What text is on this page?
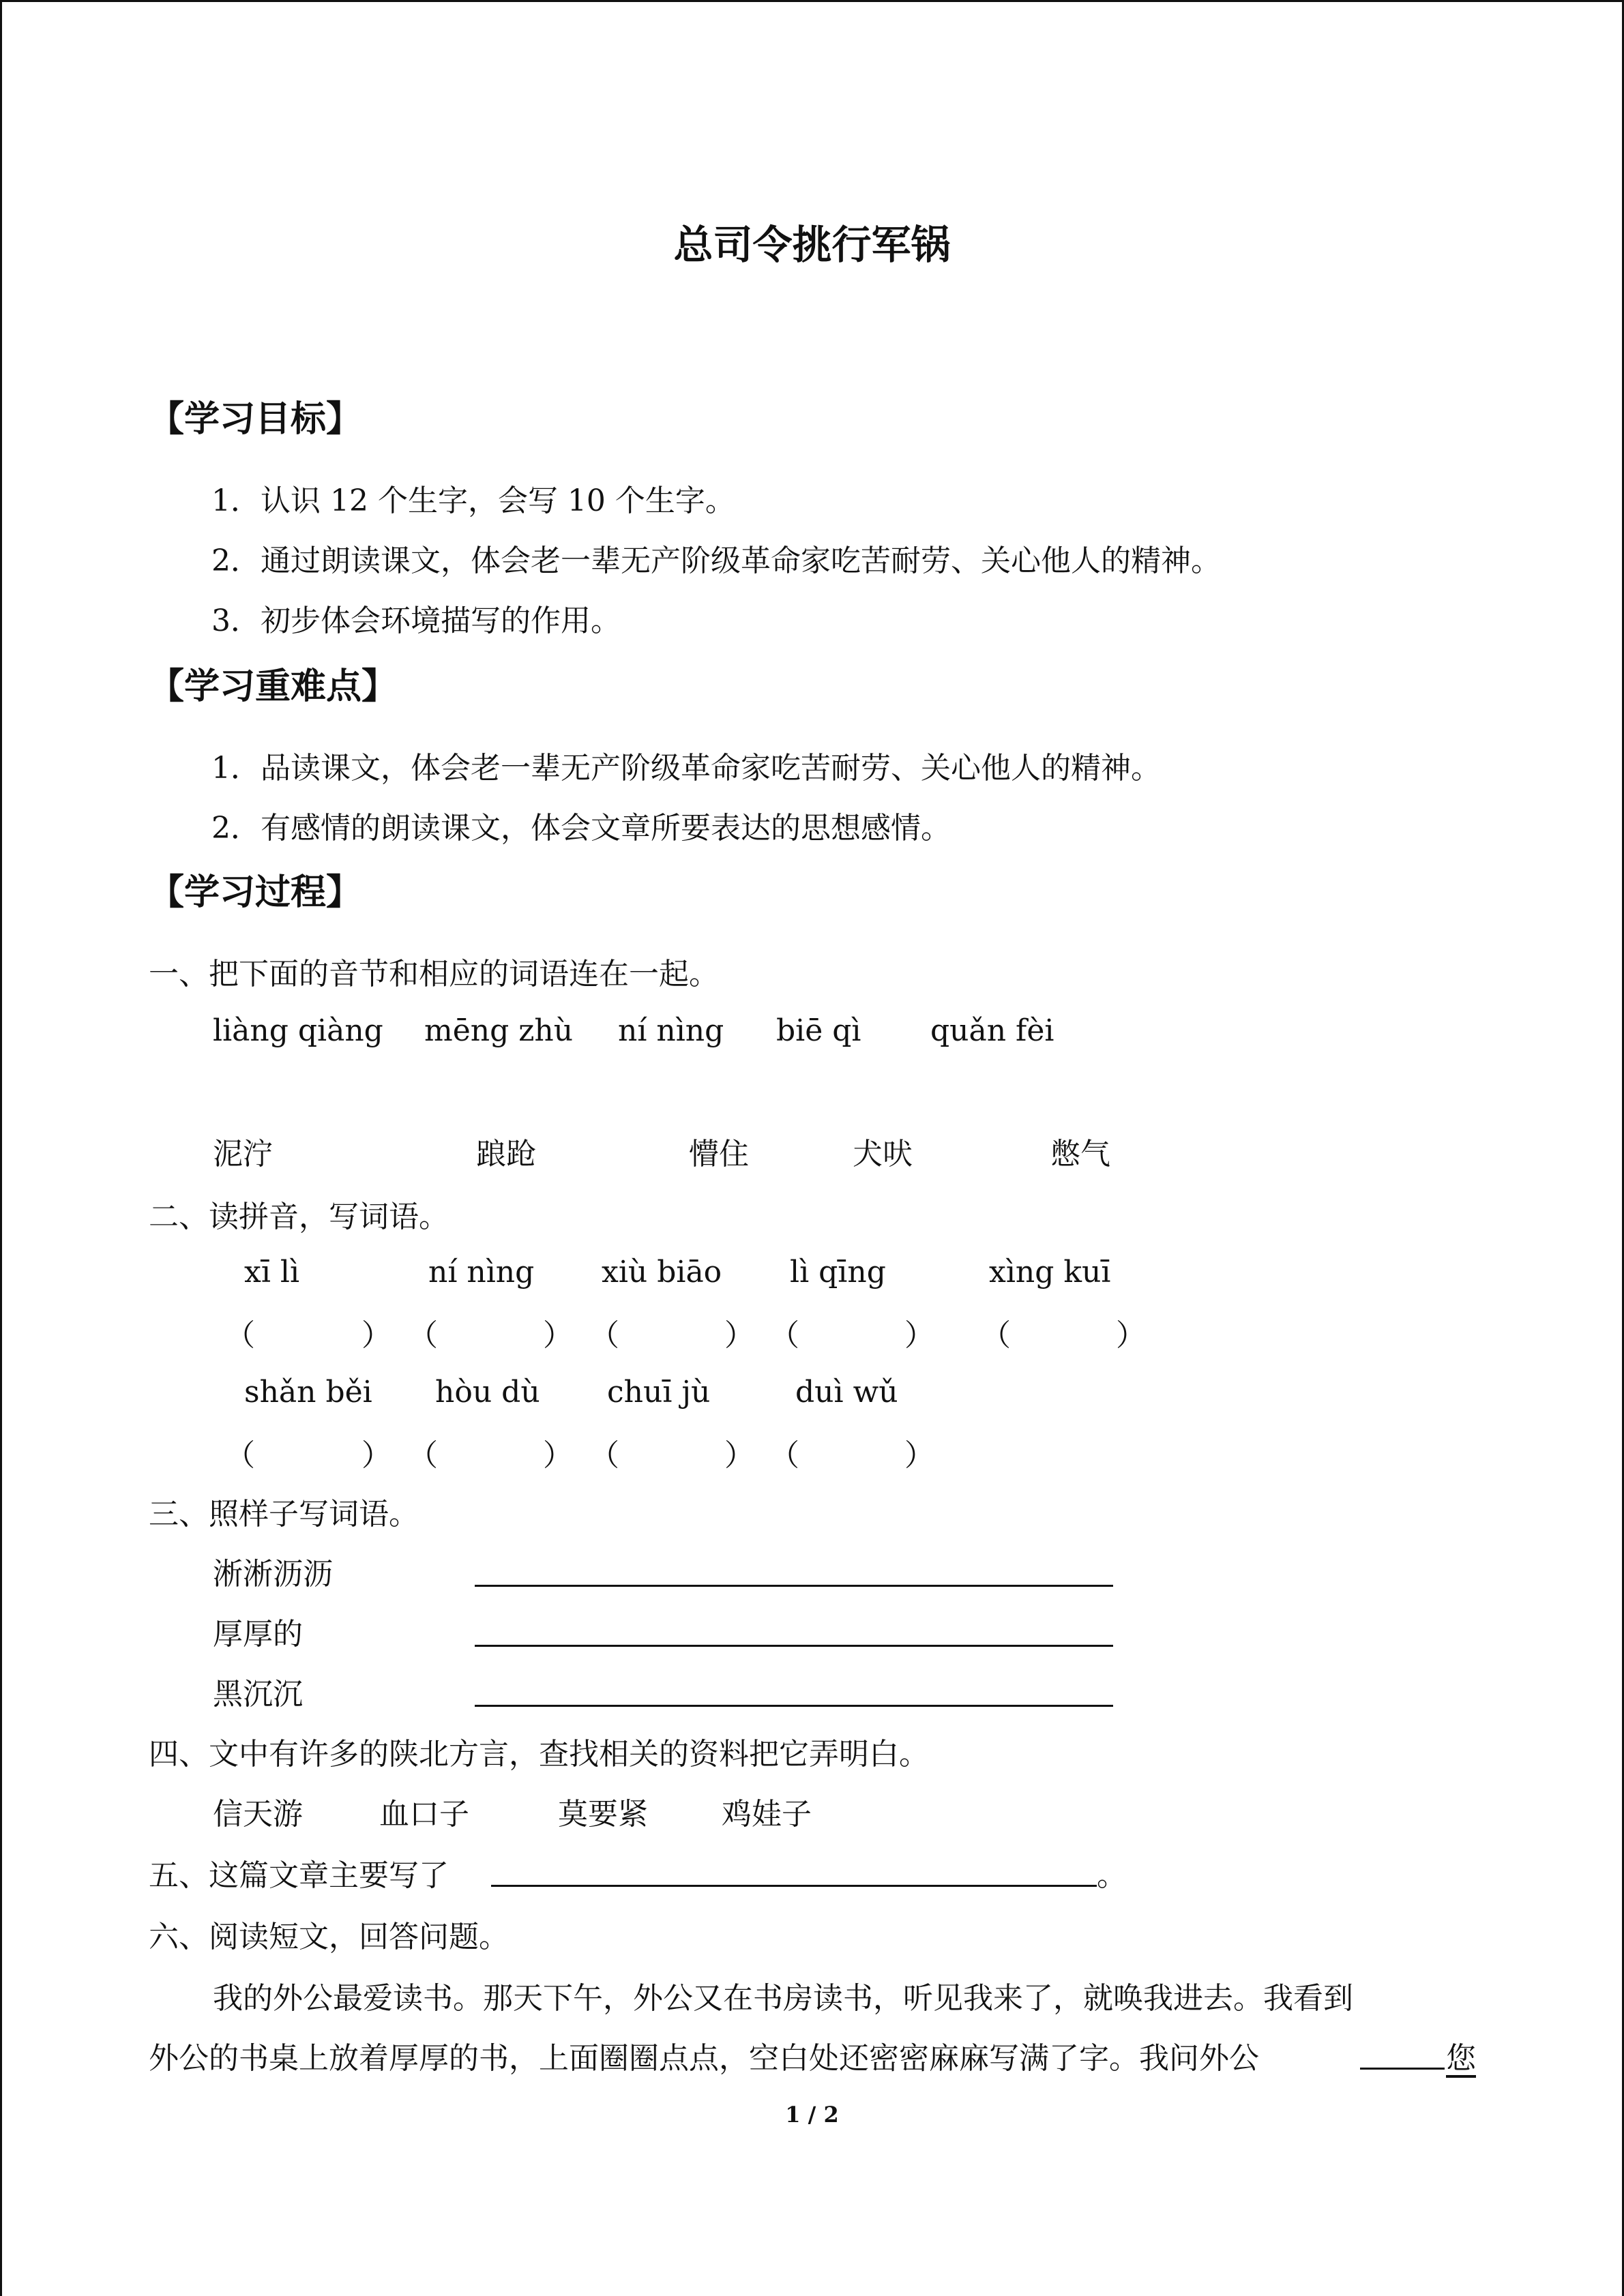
总司令挑行军锅
【学习目标】
1．认识 12 个生字，会写 10 个生字。
2．通过朗读课文，体会老一辈无产阶级革命家吃苦耐劳、关心他人的精神。
3．初步体会环境描写的作用。
【学习重难点】
1．品读课文，体会老一辈无产阶级革命家吃苦耐劳、关心他人的精神。
2．有感情的朗读课文，体会文章所要表达的思想感情。
【学习过程】
一、把下面的音节和相应的词语连在一起。
liàng qiàng mēng zhù ní nìng biē qì quǎn fèi
泥泞	踉跄	懵住	犬吠	憋气
二、读拼音，写词语。
xī lì	ní nìng xiù biāo lì qīng	xìng kuī
（	） （	） （	） （	） （	）
shǎn běi hòu dù chuī jù	duì wǔ
（	） （	） （	） （	）
三、照样子写词语。
淅淅沥沥
厚厚的
黑沉沉
四、文中有许多的陕北方言，查找相关的资料把它弄明白。
信天游	血口子	莫要紧 鸡娃子
五、这篇文章主要写了	。
六、阅读短文，回答问题。
我的外公最爱读书。那天下午，外公又在书房读书，听见我来了，就唤我进去。我看到
外公的书桌上放着厚厚的书，上面圈圈点点，空白处还密密麻麻写满了字。我问外公	您
1 / 2
